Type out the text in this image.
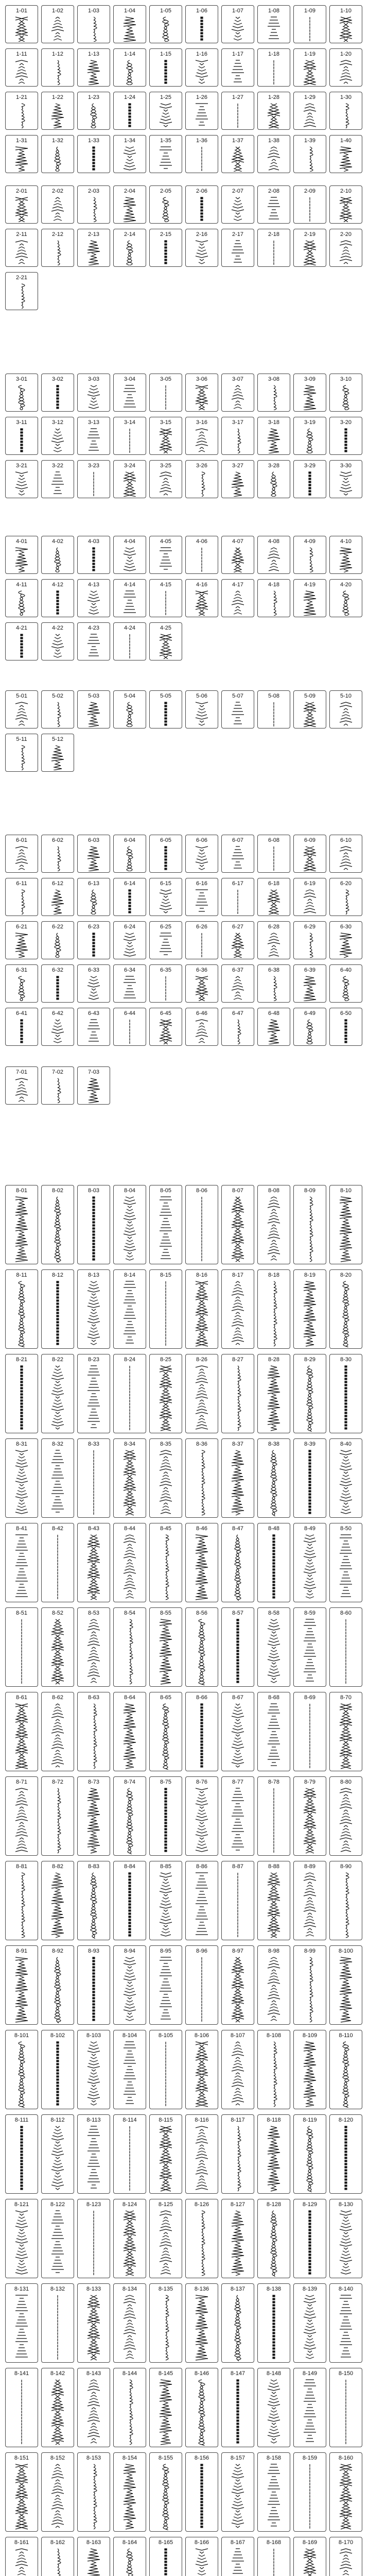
1-01	1-02	1-03	1-04	1-05	1-06	1-07	1-08	1-09	1-10
1-11	1-12	1-13	1-14	1-15	1-16	1-17	1-18	1-19	1-20
1-21	1-22	1-23	1-24	1-25	1-26	1-27	1-28	1-29	1-30
1-31	1-32	1-33	1-34	1-35	1-36	1-37	1-38	1-39	1-40
2-01	2-02	2-03	2-04	2-05	2-06	2-07	2-08	2-09	2-10
2-11	2-12	2-13	2-14	2-15	2-16	2-17	2-18	2-19	2-20
2-21
3-01	3-02	3-03	3-04	3-05	3-06	3-07	3-08	3-09	3-10
3-11	3-12	3-13	3-14	3-15	3-16	3-17	3-18	3-19	3-20
3-21	3-22	3-23	3-24	3-25	3-26	3-27	3-28	3-29	3-30
4-01	4-02	4-03	4-04	4-05	4-06	4-07	4-08	4-09	4-10
4-11	4-12	4-13	4-14	4-15	4-16	4-17	4-18	4-19	4-20
4-21	4-22	4-23	4-24	4-25
5-01	5-02	5-03	5-04	5-05	5-06	5-07	5-08	5-09	5-10
5-11	5-12
6-01	6-02	6-03	6-04	6-05	6-06	6-07	6-08	6-09	6-10
6-11	6-12	6-13	6-14	6-15	6-16	6-17	6-18	6-19	6-20
6-21	6-22	6-23	6-24	6-25	6-26	6-27	6-28	6-29	6-30
6-31	6-32	6-33	6-34	6-35	6-36	6-37	6-38	6-39	6-40
6-41	6-42	6-43	6-44	6-45	6-46	6-47	6-48	6-49	6-50
7-01	7-02	7-03
8-01	8-02	8-03	8-04	8-05	8-06	8-07	8-08	8-09	8-10
8-11	8-12	8-13	8-14	8-15	8-16	8-17	8-18	8-19	8-20
8-21	8-22	8-23	8-24	8-25	8-26	8-27	8-28	8-29	8-30
8-31	8-32	8-33	8-34	8-35	8-36	8-37	8-38	8-39	8-40
8-41	8-42	8-43	8-44	8-45	8-46	8-47	8-48	8-49	8-50
8-51	8-52	8-53	8-54	8-55	8-56	8-57	8-58	8-59	8-60
8-61	8-62	8-63	8-64	8-65	8-66	8-67	8-68	8-69	8-70
8-71	8-72	8-73	8-74	8-75	8-76	8-77	8-78	8-79	8-80
8-81	8-82	8-83	8-84	8-85	8-86	8-87	8-88	8-89	8-90
8-91	8-92	8-93	8-94	8-95	8-96	8-97	8-98	8-99	8-100
8-101	8-102	8-103	8-104	8-105	8-106	8-107	8-108	8-109	8-110
8-111	8-112	8-113	8-114	8-115	8-116	8-117	8-118	8-119	8-120
8-121	8-122	8-123	8-124	8-125	8-126	8-127	8-128	8-129	8-130
8-131	8-132	8-133	8-134	8-135	8-136	8-137	8-138	8-139	8-140
8-141	8-142	8-143	8-144	8-145	8-146	8-147	8-148	8-149	8-150
8-151	8-152	8-153	8-154	8-155	8-156	8-157	8-158	8-159	8-160
8-161	8-162	8-163	8-164	8-165	8-166	8-167	8-168	8-169	8-170
